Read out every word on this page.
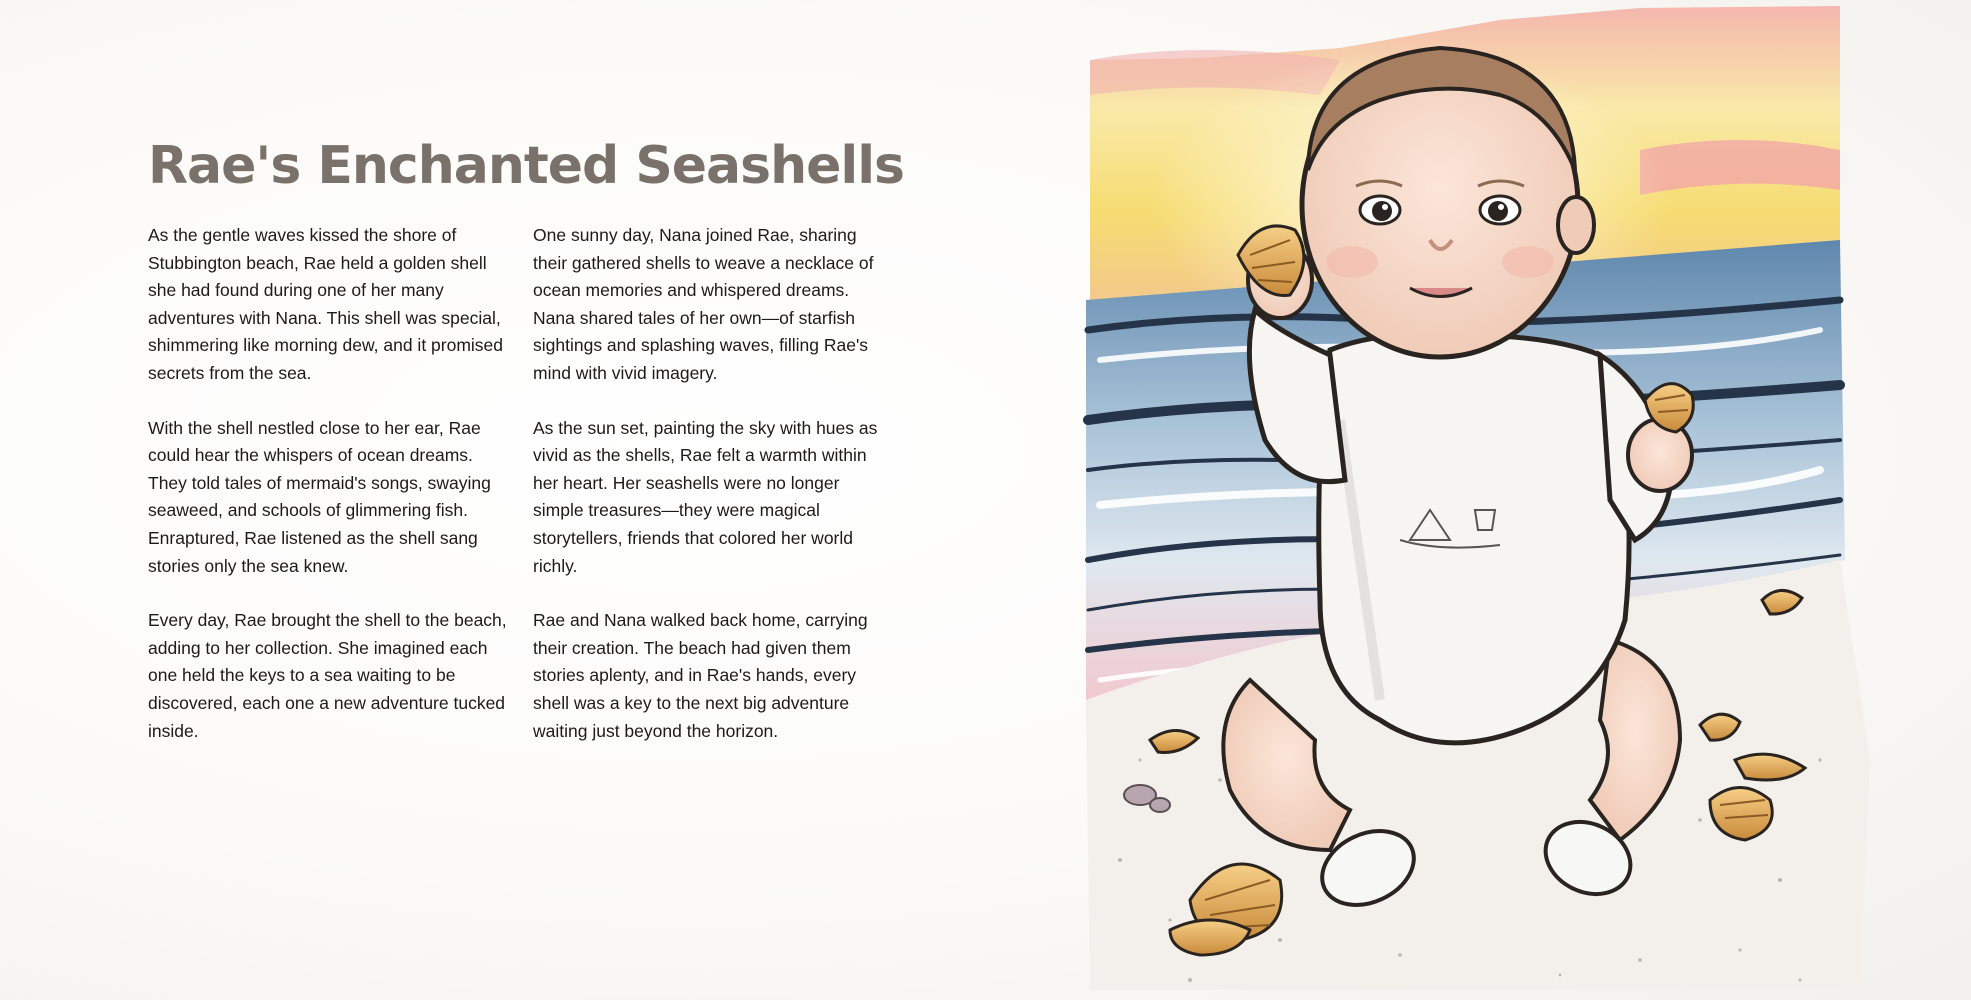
Rae's Enchanted Seashells

As the gentle waves kissed the shore of Stubbington beach, Rae held a golden shell she had found during one of her many adventures with Nana. This shell was special, shimmering like morning dew, and it promised secrets from the sea.

With the shell nestled close to her ear, Rae could hear the whispers of ocean dreams. They told tales of mermaid's songs, swaying seaweed, and schools of glimmering fish. Enraptured, Rae listened as the shell sang stories only the sea knew.

Every day, Rae brought the shell to the beach, adding to her collection. She imagined each one held the keys to a sea waiting to be discovered, each one a new adventure tucked inside.

One sunny day, Nana joined Rae, sharing their gathered shells to weave a necklace of ocean memories and whispered dreams. Nana shared tales of her own—of starfish sightings and splashing waves, filling Rae's mind with vivid imagery.

As the sun set, painting the sky with hues as vivid as the shells, Rae felt a warmth within her heart. Her seashells were no longer simple treasures—they were magical storytellers, friends that colored her world richly.

Rae and Nana walked back home, carrying their creation. The beach had given them stories aplenty, and in Rae's hands, every shell was a key to the next big adventure waiting just beyond the horizon.
